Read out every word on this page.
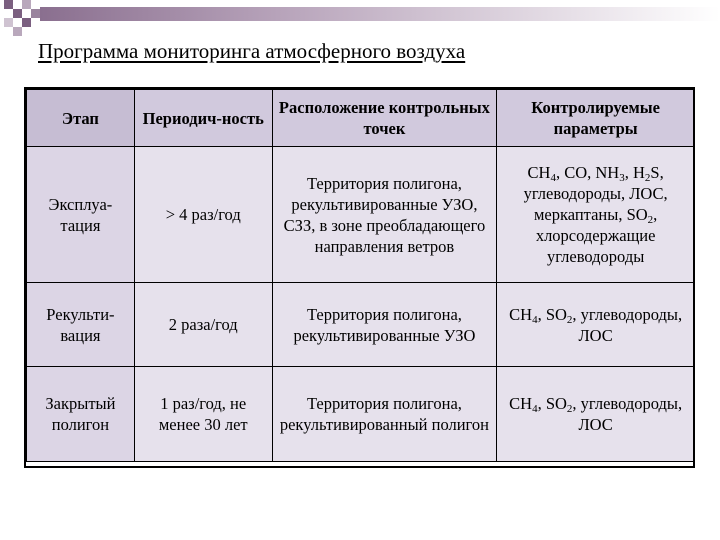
Программа мониторинга атмосферного воздуха
Этап	Периодич-ность	Расположение контрольных точек	Контролируемые параметры
Эксплуа-тация	> 4 раз/год	Территория полигона, рекультивированные УЗО, СЗЗ, в зоне преобладающего направления ветров	$CH_4$, CO, $NH_3$, $H_2S$, углеводороды, ЛОС, меркаптаны, $SO_2$, хлорсодержащие углеводороды
Рекульти-вация	2 раза/год	Территория полигона, рекультивированные УЗО	$CH_4$, $SO_2$, углеводороды, ЛОС
Закрытый полигон	1 раз/год, не менее 30 лет	Территория полигона, рекультивированный полигон	$CH_4$, $SO_2$, углеводороды, ЛОС
